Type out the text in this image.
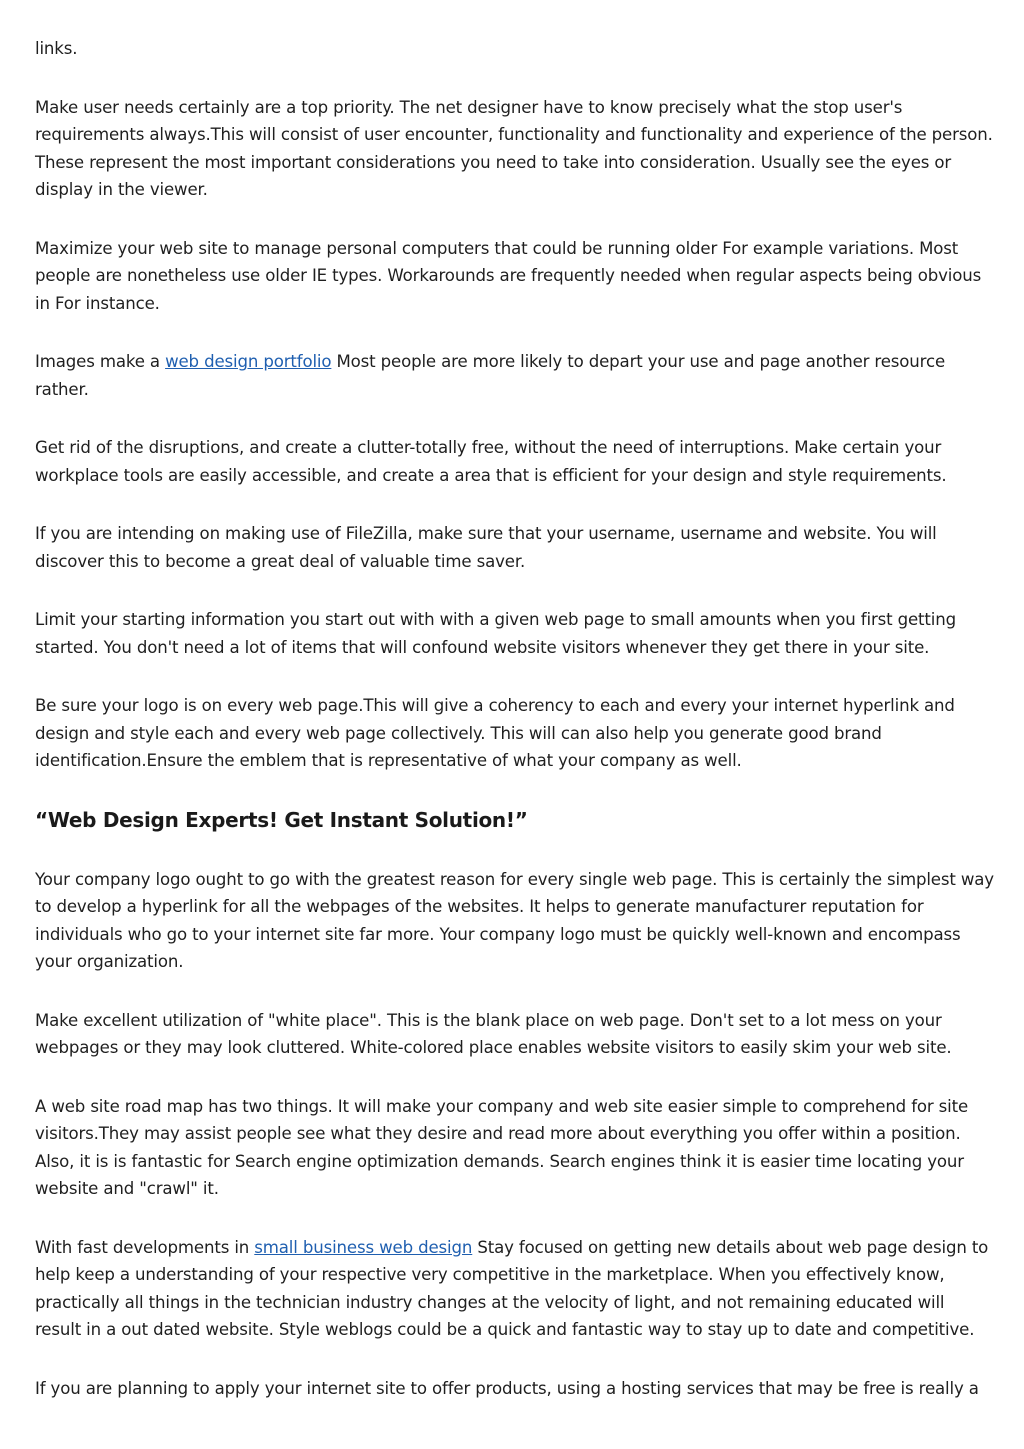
links.

Make user needs certainly are a top priority. The net designer have to know precisely what the stop user's requirements always.This will consist of user encounter, functionality and functionality and experience of the person. These represent the most important considerations you need to take into consideration. Usually see the eyes or display in the viewer.

Maximize your web site to manage personal computers that could be running older For example variations. Most people are nonetheless use older IE types. Workarounds are frequently needed when regular aspects being obvious in For instance.

Images make a web design portfolio Most people are more likely to depart your use and page another resource rather.

Get rid of the disruptions, and create a clutter-totally free, without the need of interruptions. Make certain your workplace tools are easily accessible, and create a area that is efficient for your design and style requirements.

If you are intending on making use of FileZilla, make sure that your username, username and website. You will discover this to become a great deal of valuable time saver.

Limit your starting information you start out with with a given web page to small amounts when you first getting started. You don't need a lot of items that will confound website visitors whenever they get there in your site.

Be sure your logo is on every web page.This will give a coherency to each and every your internet hyperlink and design and style each and every web page collectively. This will can also help you generate good brand identification.Ensure the emblem that is representative of what your company as well.

“Web Design Experts! Get Instant Solution!”

Your company logo ought to go with the greatest reason for every single web page. This is certainly the simplest way to develop a hyperlink for all the webpages of the websites. It helps to generate manufacturer reputation for individuals who go to your internet site far more. Your company logo must be quickly well-known and encompass your organization.

Make excellent utilization of "white place". This is the blank place on web page. Don't set to a lot mess on your webpages or they may look cluttered. White-colored place enables website visitors to easily skim your web site.

A web site road map has two things. It will make your company and web site easier simple to comprehend for site visitors.They may assist people see what they desire and read more about everything you offer within a position. Also, it is is fantastic for Search engine optimization demands. Search engines think it is easier time locating your website and "crawl" it.

With fast developments in small business web design Stay focused on getting new details about web page design to help keep a understanding of your respective very competitive in the marketplace. When you effectively know, practically all things in the technician industry changes at the velocity of light, and not remaining educated will result in a out dated website. Style weblogs could be a quick and fantastic way to stay up to date and competitive.

If you are planning to apply your internet site to offer products, using a hosting services that may be free is really a
